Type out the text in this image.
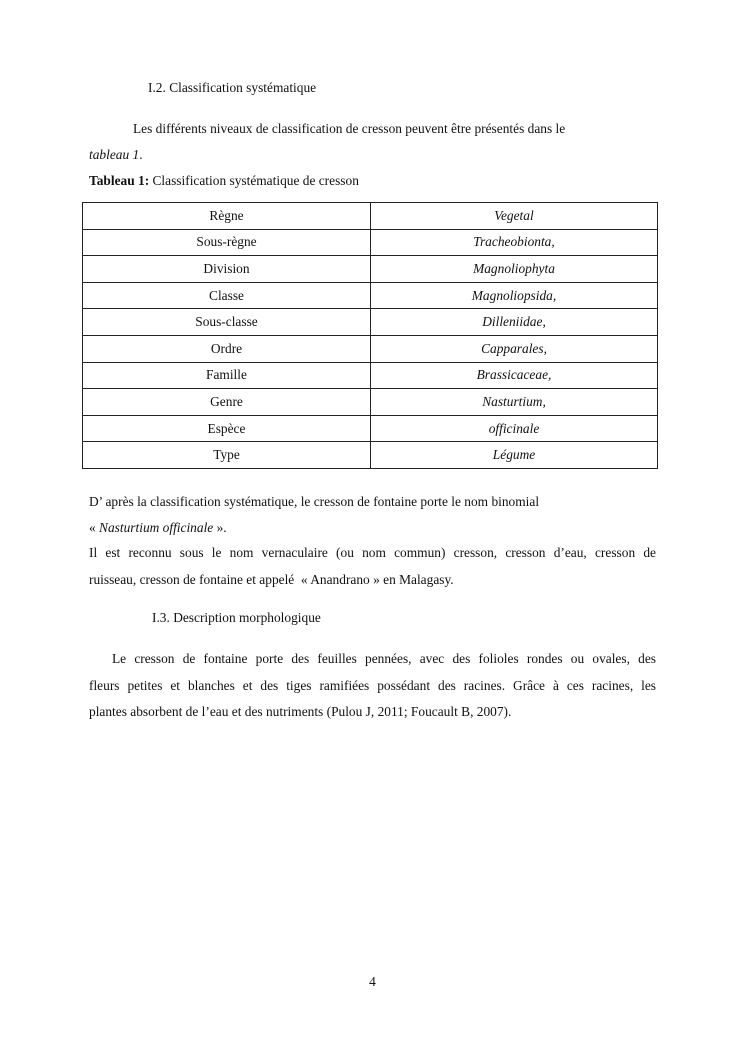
I.2. Classification systématique
Les différents niveaux de classification de cresson peuvent être présentés dans le
tableau 1.
Tableau 1: Classification systématique de cresson
Règne	Vegetal
Sous-règne	Tracheobionta,
Division	Magnoliophyta
Classe	Magnoliopsida,
Sous-classe	Dilleniidae,
Ordre	Capparales,
Famille	Brassicaceae,
Genre	Nasturtium,
Espèce	officinale
Type	Légume
D’ après la classification systématique, le cresson de fontaine porte le nom binomial
« Nasturtium officinale ».
Il est reconnu sous le nom vernaculaire (ou nom commun) cresson, cresson d’eau, cresson de
ruisseau, cresson de fontaine et appelé  « Anandrano » en Malagasy.
I.3. Description morphologique
Le cresson de fontaine porte des feuilles pennées, avec des folioles rondes ou ovales, des
fleurs petites et blanches et des tiges ramifiées possédant des racines. Grâce à ces racines, les
plantes absorbent de l’eau et des nutriments (Pulou J, 2011; Foucault B, 2007).
4
